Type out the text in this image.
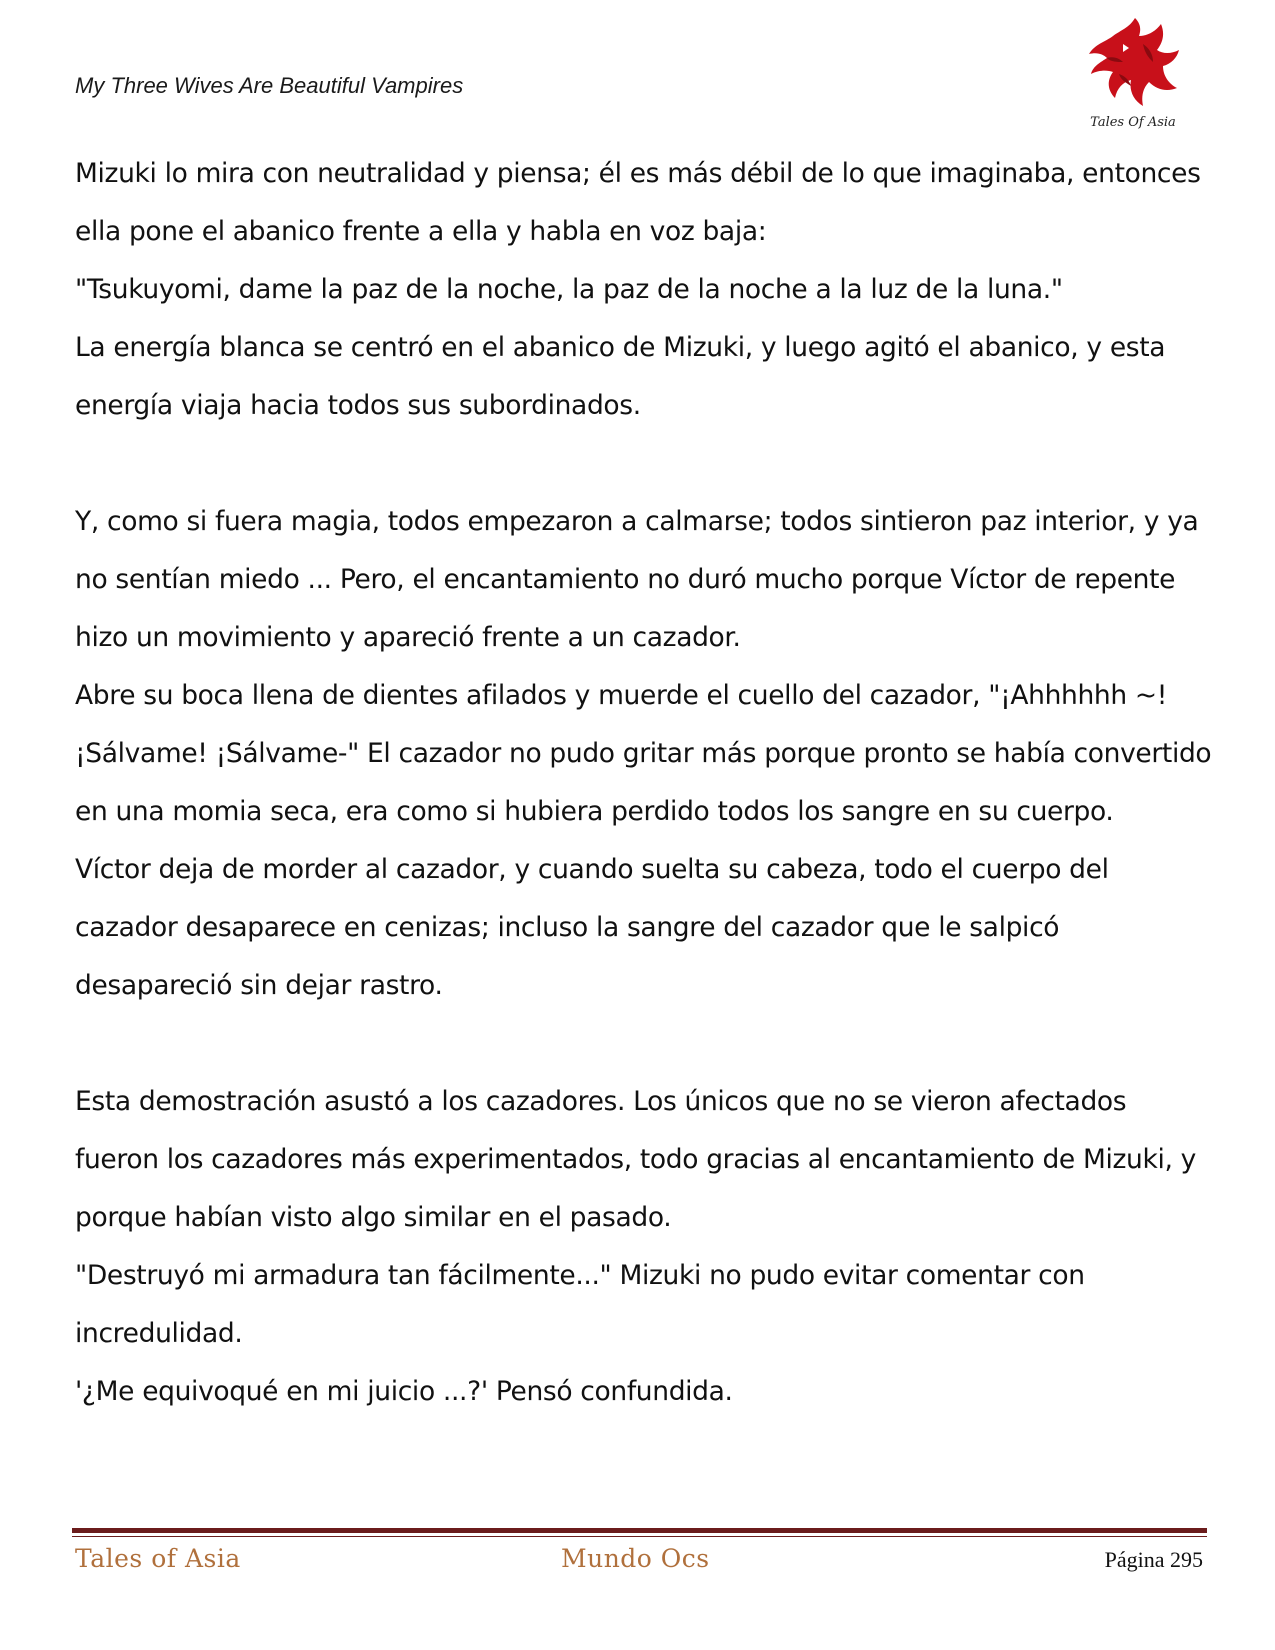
My Three Wives Are Beautiful Vampires
Tales Of Asia
Mizuki lo mira con neutralidad y piensa; él es más débil de lo que imaginaba, entonces
ella pone el abanico frente a ella y habla en voz baja:
"Tsukuyomi, dame la paz de la noche, la paz de la noche a la luz de la luna."
La energía blanca se centró en el abanico de Mizuki, y luego agitó el abanico, y esta
energía viaja hacia todos sus subordinados.
Y, como si fuera magia, todos empezaron a calmarse; todos sintieron paz interior, y ya
no sentían miedo ... Pero, el encantamiento no duró mucho porque Víctor de repente
hizo un movimiento y apareció frente a un cazador.
Abre su boca llena de dientes afilados y muerde el cuello del cazador, "¡Ahhhhhh ~!
¡Sálvame! ¡Sálvame-" El cazador no pudo gritar más porque pronto se había convertido
en una momia seca, era como si hubiera perdido todos los sangre en su cuerpo.
Víctor deja de morder al cazador, y cuando suelta su cabeza, todo el cuerpo del
cazador desaparece en cenizas; incluso la sangre del cazador que le salpicó
desapareció sin dejar rastro.
Esta demostración asustó a los cazadores. Los únicos que no se vieron afectados
fueron los cazadores más experimentados, todo gracias al encantamiento de Mizuki, y
porque habían visto algo similar en el pasado.
"Destruyó mi armadura tan fácilmente..." Mizuki no pudo evitar comentar con
incredulidad.
'¿Me equivoqué en mi juicio ...?' Pensó confundida.
Tales of Asia	Mundo Ocs	Página 295
